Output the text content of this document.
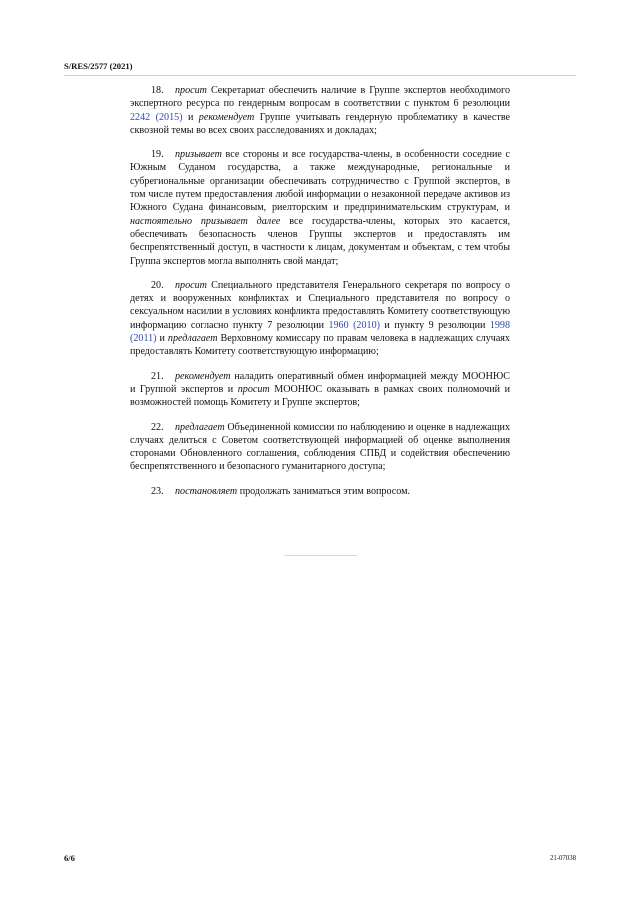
S/RES/2577 (2021)

18. просит Секретариат обеспечить наличие в Группе экспертов необходимого экспертного ресурса по гендерным вопросам в соответствии с пунктом 6 резолюции 2242 (2015) и рекомендует Группе учитывать гендерную проблематику в качестве сквозной темы во всех своих расследованиях и докладах;

19. призывает все стороны и все государства-члены, в особенности соседние с Южным Суданом государства, а также международные, региональные и субрегиональные организации обеспечивать сотрудничество с Группой экспертов, в том числе путем предоставления любой информации о незаконной передаче активов из Южного Судана финансовым, риелторским и предпринимательским структурам, и настоятельно призывает далее все государства-члены, которых это касается, обеспечивать безопасность членов Группы экспертов и предоставлять им беспрепятственный доступ, в частности к лицам, документам и объектам, с тем чтобы Группа экспертов могла выполнять свой мандат;

20. просит Специального представителя Генерального секретаря по вопросу о детях и вооруженных конфликтах и Специального представителя по вопросу о сексуальном насилии в условиях конфликта предоставлять Комитету соответствующую информацию согласно пункту 7 резолюции 1960 (2010) и пункту 9 резолюции 1998 (2011) и предлагает Верховному комиссару по правам человека в надлежащих случаях предоставлять Комитету соответствующую информацию;

21. рекомендует наладить оперативный обмен информацией между МООНЮС и Группой экспертов и просит МООНЮС оказывать в рамках своих полномочий и возможностей помощь Комитету и Группе экспертов;

22. предлагает Объединенной комиссии по наблюдению и оценке в надлежащих случаях делиться с Советом соответствующей информацией об оценке выполнения сторонами Обновленного соглашения, соблюдения СПБД и содействия обеспечению беспрепятственного и безопасного гуманитарного доступа;

23. постановляет продолжать заниматься этим вопросом.

6/6	21-07038
